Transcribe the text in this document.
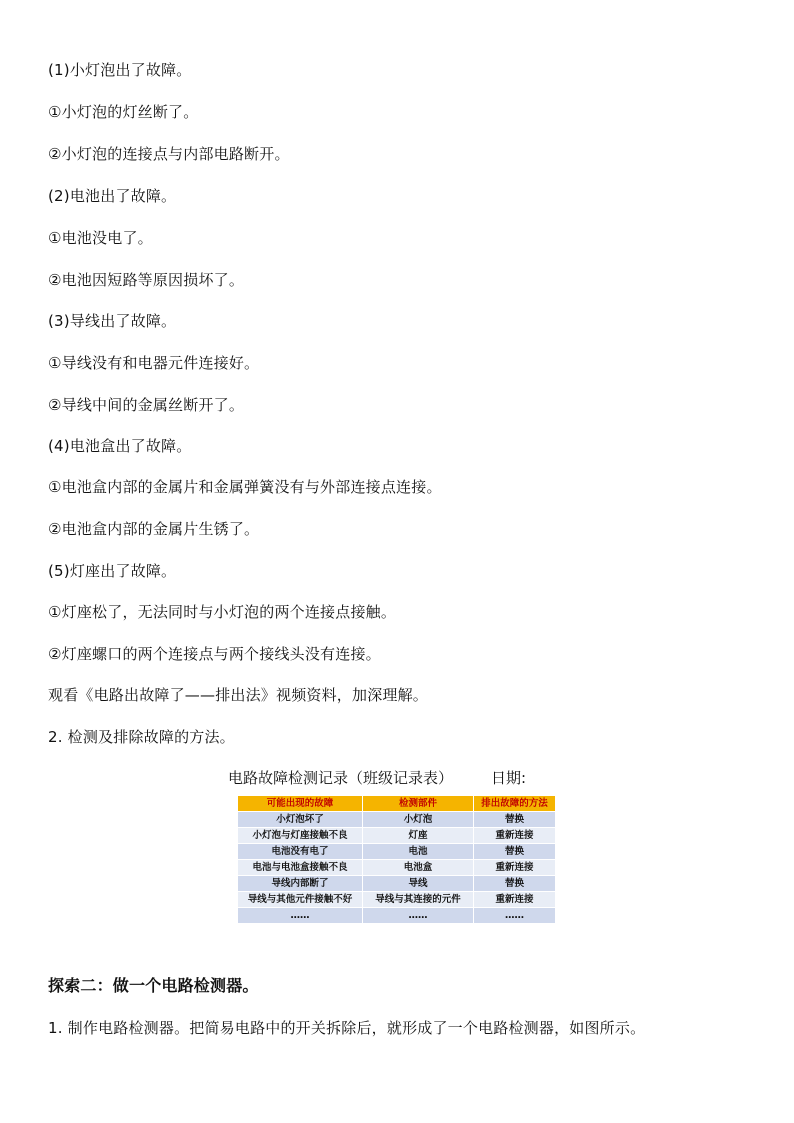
(1)小灯泡出了故障。
①小灯泡的灯丝断了。
②小灯泡的连接点与内部电路断开。
(2)电池出了故障。
①电池没电了。
②电池因短路等原因损坏了。
(3)导线出了故障。
①导线没有和电器元件连接好。
②导线中间的金属丝断开了。
(4)电池盒出了故障。
①电池盒内部的金属片和金属弹簧没有与外部连接点连接。
②电池盒内部的金属片生锈了。
(5)灯座出了故障。
①灯座松了，无法同时与小灯泡的两个连接点接触。
②灯座螺口的两个连接点与两个接线头没有连接。
观看《电路出故障了——排出法》视频资料，加深理解。
2. 检测及排除故障的方法。
电路故障检测记录（班级记录表）	日期:
可能出现的故障	检测部件	排出故障的方法
小灯泡坏了	小灯泡	替换
小灯泡与灯座接触不良	灯座	重新连接
电池没有电了	电池	替换
电池与电池盒接触不良	电池盒	重新连接
导线内部断了	导线	替换
导线与其他元件接触不好	导线与其连接的元件	重新连接
……	……	……
探索二：做一个电路检测器。
1. 制作电路检测器。把简易电路中的开关拆除后，就形成了一个电路检测器，如图所示。
